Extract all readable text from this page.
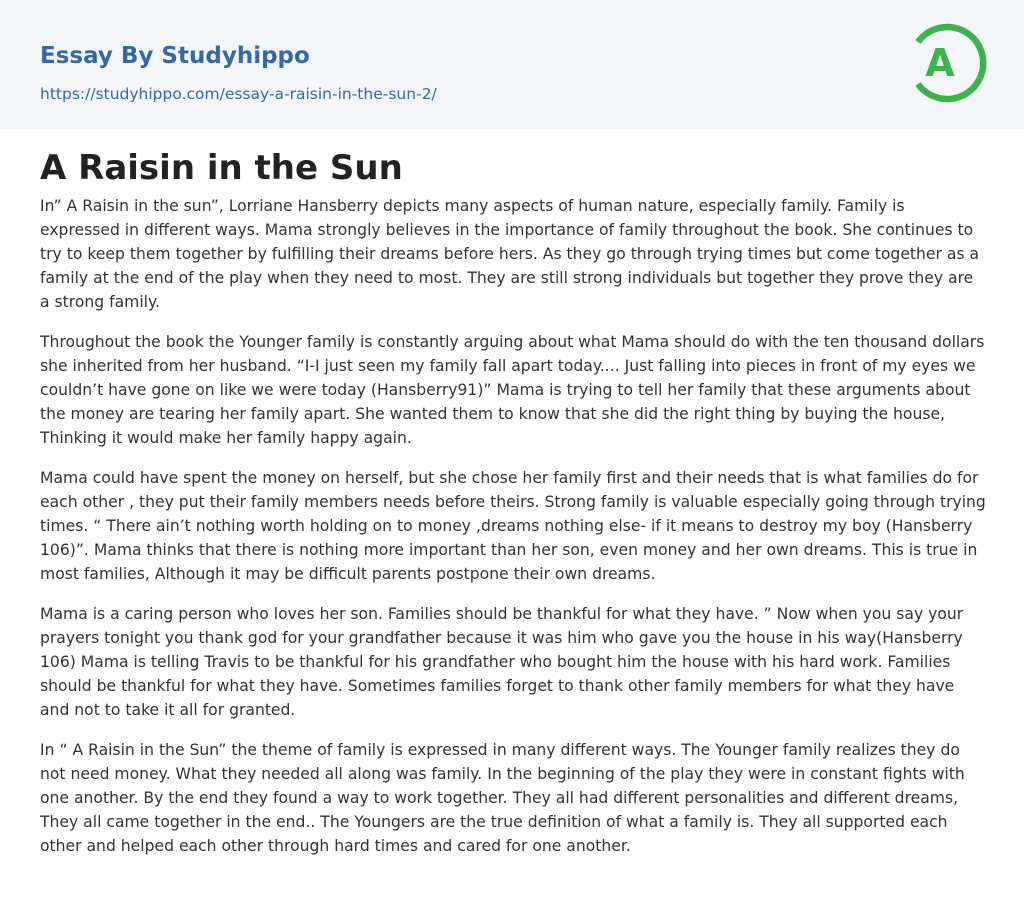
Essay By Studyhippo
https://studyhippo.com/essay-a-raisin-in-the-sun-2/
A
A Raisin in the Sun

In” A Raisin in the sun”, Lorriane Hansberry depicts many aspects of human nature, especially family. Family is expressed in different ways. Mama strongly believes in the importance of family throughout the book. She continues to try to keep them together by fulfilling their dreams before hers. As they go through trying times but come together as a family at the end of the play when they need to most. They are still strong individuals but together they prove they are a strong family.

Throughout the book the Younger family is constantly arguing about what Mama should do with the ten thousand dollars she inherited from her husband. “I-I just seen my family fall apart today.... Just falling into pieces in front of my eyes we couldn’t have gone on like we were today (Hansberry91)” Mama is trying to tell her family that these arguments about the money are tearing her family apart. She wanted them to know that she did the right thing by buying the house, Thinking it would make her family happy again.

Mama could have spent the money on herself, but she chose her family first and their needs that is what families do for each other , they put their family members needs before theirs. Strong family is valuable especially going through trying times. “ There ain’t nothing worth holding on to money ,dreams nothing else- if it means to destroy my boy (Hansberry 106)”. Mama thinks that there is nothing more important than her son, even money and her own dreams. This is true in most families, Although it may be difficult parents postpone their own dreams.

Mama is a caring person who loves her son. Families should be thankful for what they have. ” Now when you say your prayers tonight you thank god for your grandfather because it was him who gave you the house in his way(Hansberry 106) Mama is telling Travis to be thankful for his grandfather who bought him the house with his hard work. Families should be thankful for what they have. Sometimes families forget to thank other family members for what they have and not to take it all for granted.

In “ A Raisin in the Sun” the theme of family is expressed in many different ways. The Younger family realizes they do not need money. What they needed all along was family. In the beginning of the play they were in constant fights with one another. By the end they found a way to work together. They all had different personalities and different dreams, They all came together in the end.. The Youngers are the true definition of what a family is. They all supported each other and helped each other through hard times and cared for one another.
